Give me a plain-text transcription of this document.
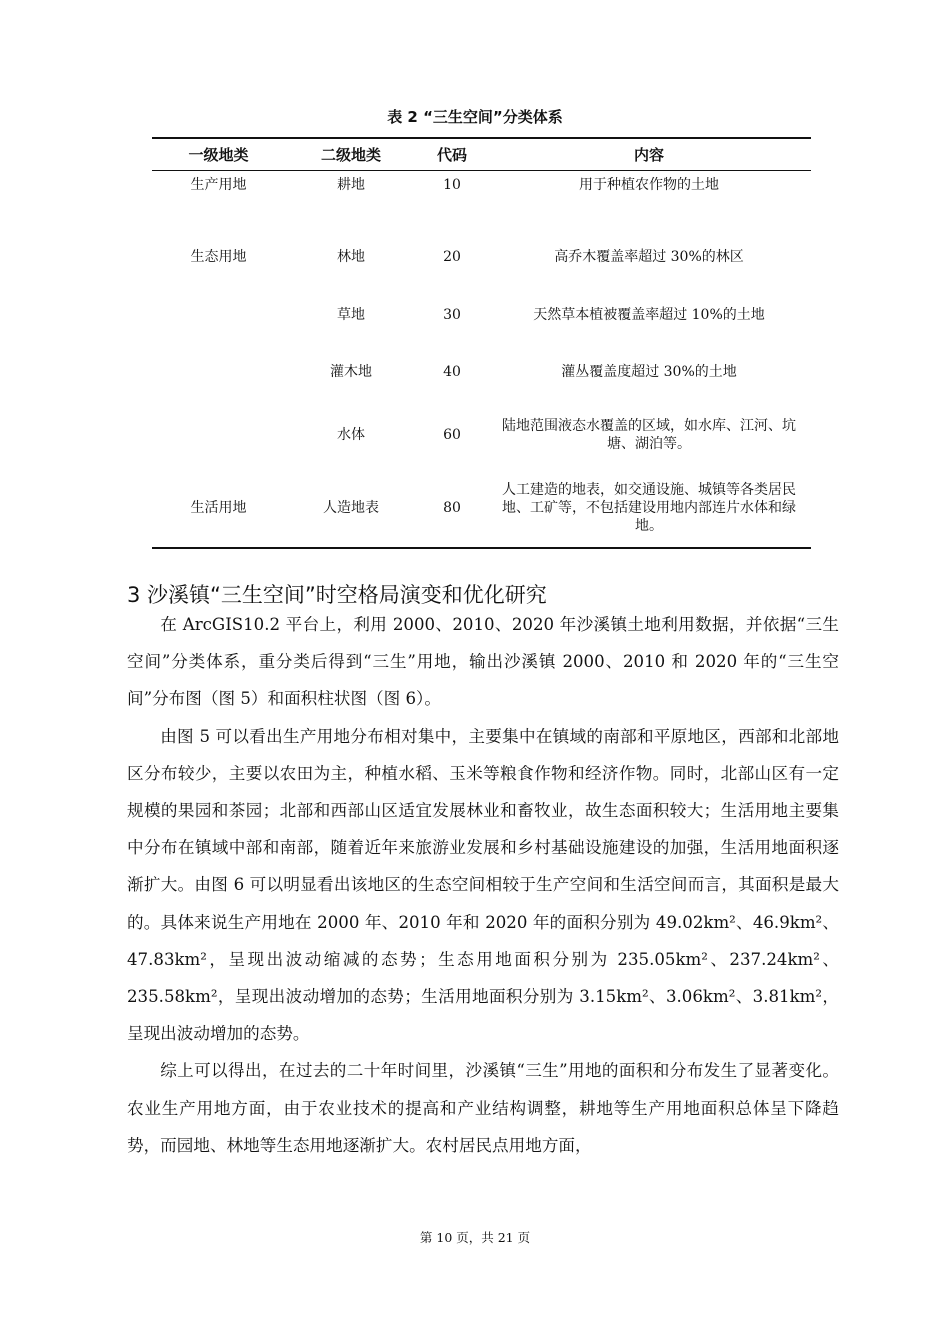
表 2 “三生空间”分类体系
一级地类	二级地类	代码	内容
生产用地	耕地	10	用于种植农作物的土地
生态用地	林地	20	高乔木覆盖率超过 30%的林区
	草地	30	天然草本植被覆盖率超过 10%的土地
	灌木地	40	灌丛覆盖度超过 30%的土地
	水体	60	陆地范围液态水覆盖的区域，如水库、江河、坑塘、湖泊等。
生活用地	人造地表	80	人工建造的地表，如交通设施、城镇等各类居民地、工矿等，不包括建设用地内部连片水体和绿地。
3 沙溪镇“三生空间”时空格局演变和优化研究

在 ArcGIS10.2 平台上，利用 2000、2010、2020 年沙溪镇土地利用数据，并依据“三生空间”分类体系，重分类后得到“三生”用地，输出沙溪镇 2000、2010 和 2020 年的“三生空间”分布图（图 5）和面积柱状图（图 6）。

由图 5 可以看出生产用地分布相对集中，主要集中在镇域的南部和平原地区，西部和北部地区分布较少，主要以农田为主，种植水稻、玉米等粮食作物和经济作物。同时，北部山区有一定规模的果园和茶园；北部和西部山区适宜发展林业和畜牧业，故生态面积较大；生活用地主要集中分布在镇域中部和南部，随着近年来旅游业发展和乡村基础设施建设的加强，生活用地面积逐渐扩大。由图 6 可以明显看出该地区的生态空间相较于生产空间和生活空间而言，其面积是最大的。具体来说生产用地在 2000 年、2010 年和 2020 年的面积分别为 49.02km²、46.9km²、47.83km²，呈现出波动缩减的态势；生态用地面积分别为 235.05km²、237.24km²、235.58km²，呈现出波动增加的态势；生活用地面积分别为 3.15km²、3.06km²、3.81km²，呈现出波动增加的态势。

综上可以得出，在过去的二十年时间里，沙溪镇“三生”用地的面积和分布发生了显著变化。农业生产用地方面，由于农业技术的提高和产业结构调整，耕地等生产用地面积总体呈下降趋势，而园地、林地等生态用地逐渐扩大。农村居民点用地方面，

第 10 页，共 21 页
